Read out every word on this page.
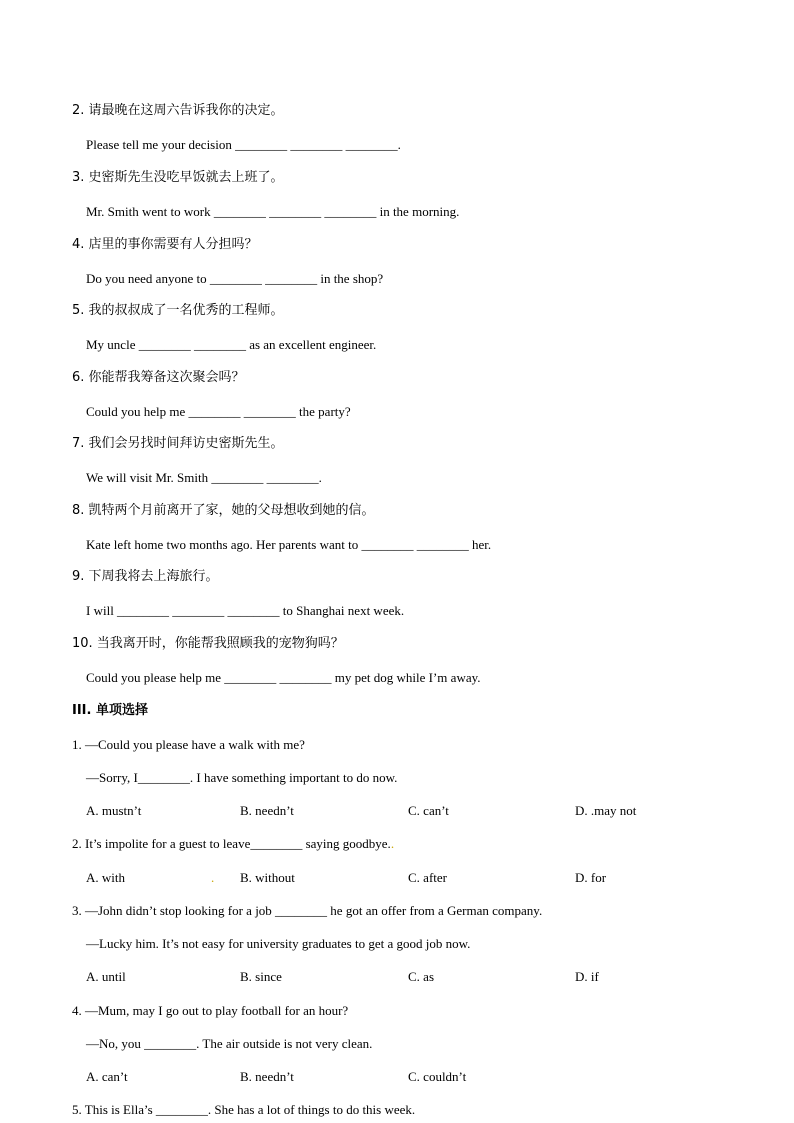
2. 请最晚在这周六告诉我你的决定。
Please tell me your decision ________ ________ ________.
3. 史密斯先生没吃早饭就去上班了。
Mr. Smith went to work ________ ________ ________ in the morning.
4. 店里的事你需要有人分担吗？
Do you need anyone to ________ ________ in the shop?
5. 我的叔叔成了一名优秀的工程师。
My uncle ________ ________ as an excellent engineer.
6. 你能帮我筹备这次聚会吗？
Could you help me ________ ________ the party?
7. 我们会另找时间拜访史密斯先生。
We will visit Mr. Smith ________ ________.
8. 凯特两个月前离开了家，她的父母想收到她的信。
Kate left home two months ago. Her parents want to ________ ________ her.
9. 下周我将去上海旅行。
I will ________ ________ ________ to Shanghai next week.
10. 当我离开时，你能帮我照顾我的宠物狗吗？
Could you please help me ________ ________ my pet dog while I’m away.
III. 单项选择
1. —Could you please have a walk with me?
—Sorry, I________. I have something important to do now.
A. mustn’t	B. needn’t	C. can’t	D. .may not
2. It’s impolite for a guest to leave________ saying goodbye..
A. with	. B. without	C. after	D. for
3. —John didn’t stop looking for a job ________ he got an offer from a German company.
—Lucky him. It’s not easy for university graduates to get a good job now.
A. until	B. since	C. as	D. if
4. —Mum, may I go out to play football for an hour?
—No, you ________. The air outside is not very clean.
A. can’t	B. needn’t	C. couldn’t
5. This is Ella’s ________. She has a lot of things to do this week.
